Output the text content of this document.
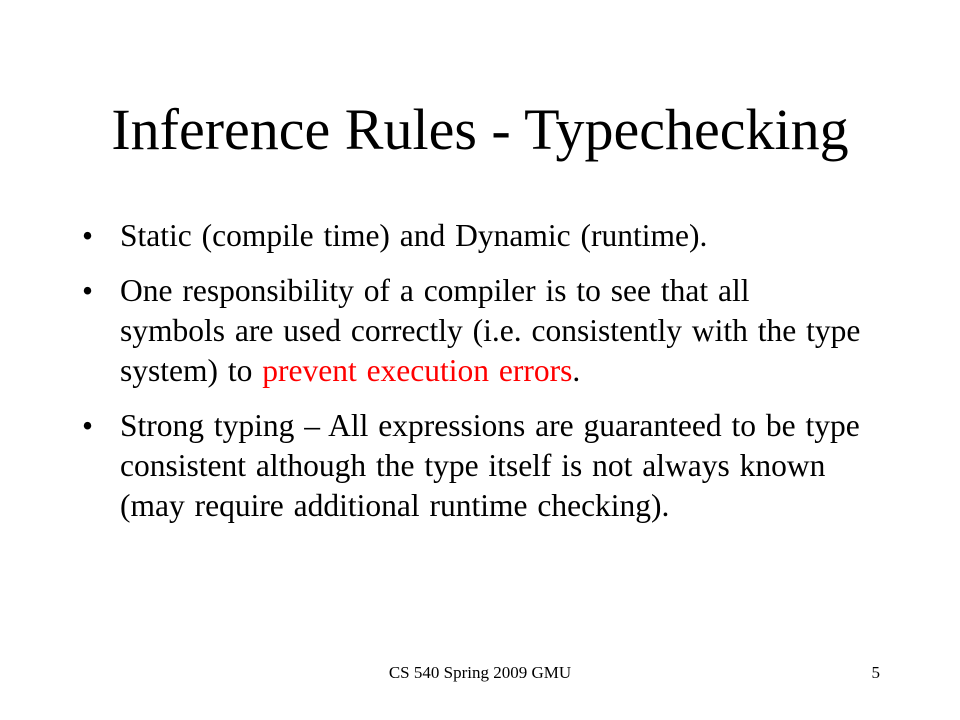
Inference Rules - Typechecking
• Static (compile time) and Dynamic (runtime).
• One responsibility of a compiler is to see that all symbols are used correctly (i.e. consistently with the type system) to prevent execution errors.
• Strong typing – All expressions are guaranteed to be type consistent although the type itself is not always known (may require additional runtime checking).
CS 540 Spring 2009 GMU	5
